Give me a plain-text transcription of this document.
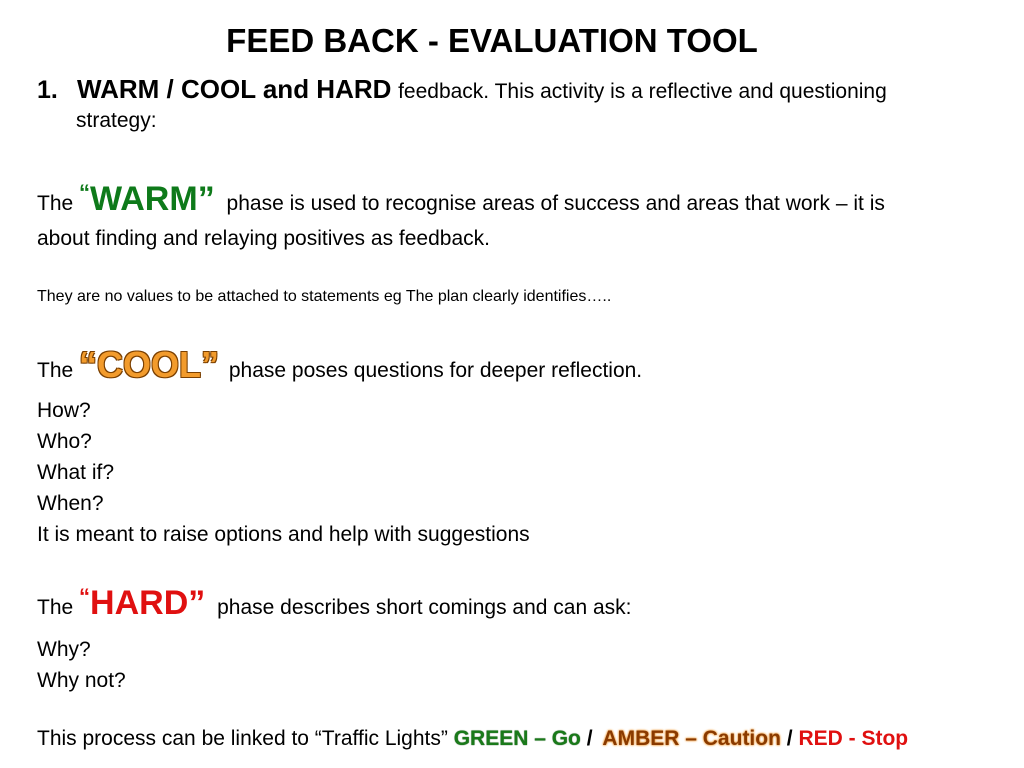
FEED BACK - EVALUATION TOOL
1. WARM / COOL and HARD feedback. This activity is a reflective and questioning
strategy:
The “WARM” phase is used to recognise areas of success and areas that work – it is
about finding and relaying positives as feedback.
They are no values to be attached to statements eg The plan clearly identifies…..
The “COOL” phase poses questions for deeper reflection.
How?
Who?
What if?
When?
It is meant to raise options and help with suggestions
The “HARD” phase describes short comings and can ask:
Why?
Why not?
This process can be linked to “Traffic Lights” GREEN – Go / AMBER – Caution / RED - Stop
